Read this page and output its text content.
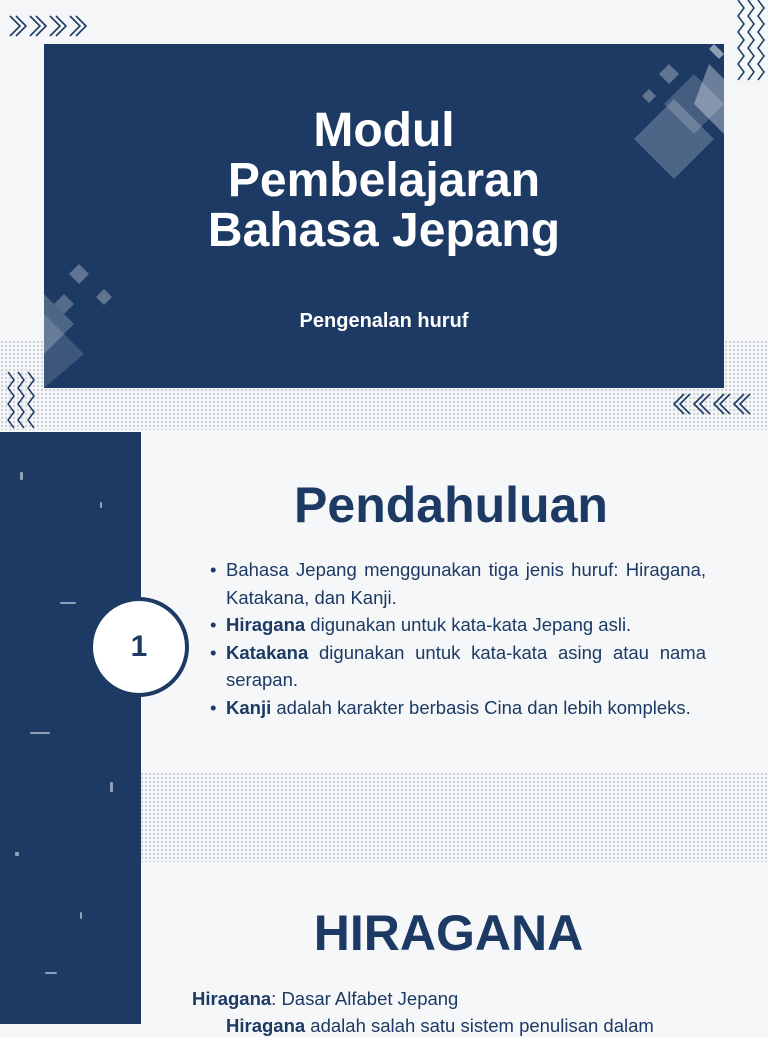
Modul
Pembelajaran
Bahasa Jepang
Pengenalan huruf
Pendahuluan
1
• Bahasa Jepang menggunakan tiga jenis huruf: Hiragana, Katakana, dan Kanji.
• Hiragana digunakan untuk kata-kata Jepang asli.
• Katakana digunakan untuk kata-kata asing atau nama serapan.
• Kanji adalah karakter berbasis Cina dan lebih kompleks.
HIRAGANA
Hiragana: Dasar Alfabet Jepang
Hiragana adalah salah satu sistem penulisan dalam
